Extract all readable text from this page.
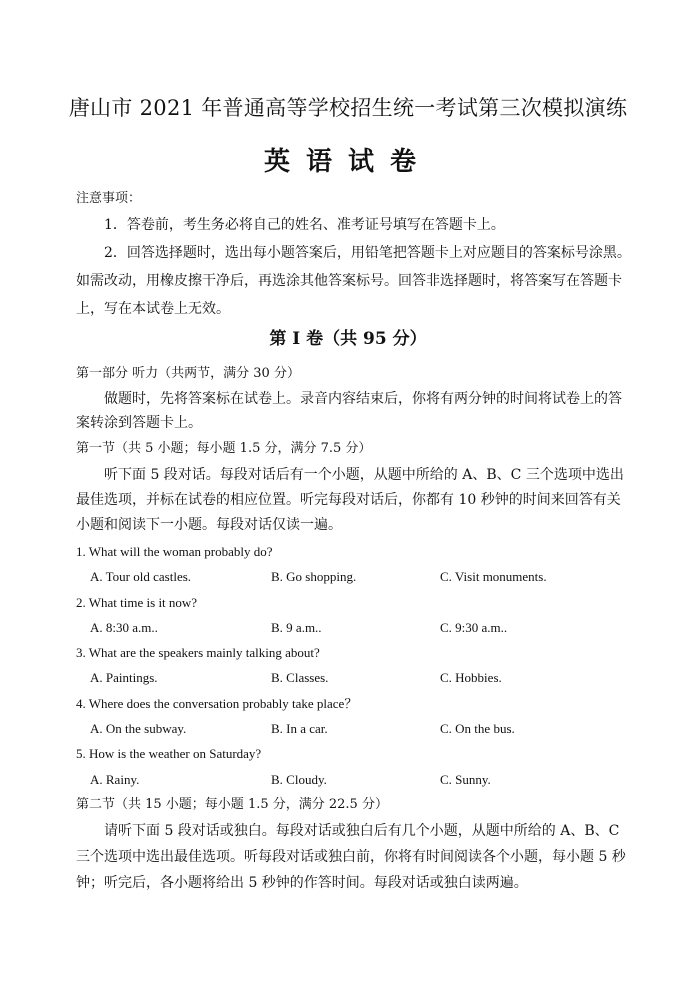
唐山市 2021 年普通高等学校招生统一考试第三次模拟演练
英语试卷
注意事项：
1．答卷前，考生务必将自己的姓名、准考证号填写在答题卡上。
2．回答选择题时，选出每小题答案后，用铅笔把答题卡上对应题目的答案标号涂黑。
如需改动，用橡皮擦干净后，再选涂其他答案标号。回答非选择题时，将答案写在答题卡
上，写在本试卷上无效。
第 I 卷（共 95 分）
第一部分 听力（共两节，满分 30 分）
做题时，先将答案标在试卷上。录音内容结束后，你将有两分钟的时间将试卷上的答
案转涂到答题卡上。
第一节（共 5 小题；每小题 1.5 分，满分 7.5 分）
听下面 5 段对话。每段对话后有一个小题，从题中所给的 A、B、C 三个选项中选出
最佳选项，并标在试卷的相应位置。听完每段对话后，你都有 10 秒钟的时间来回答有关
小题和阅读下一小题。每段对话仅读一遍。
1. What will the woman probably do?
A. Tour old castles.	B. Go shopping.	C. Visit monuments.
2. What time is it now?
A. 8:30 a.m..	B. 9 a.m..	C. 9:30 a.m..
3. What are the speakers mainly talking about?
A. Paintings.	B. Classes.	C. Hobbies.
4. Where does the conversation probably take place？
A. On the subway.	B. In a car.	C. On the bus.
5. How is the weather on Saturday?
A. Rainy.	B. Cloudy.	C. Sunny.
第二节（共 15 小题；每小题 1.5 分，满分 22.5 分）
请听下面 5 段对话或独白。每段对话或独白后有几个小题，从题中所给的 A、B、C
三个选项中选出最佳选项。听每段对话或独白前，你将有时间阅读各个小题，每小题 5 秒
钟；听完后，各小题将给出 5 秒钟的作答时间。每段对话或独白读两遍。
